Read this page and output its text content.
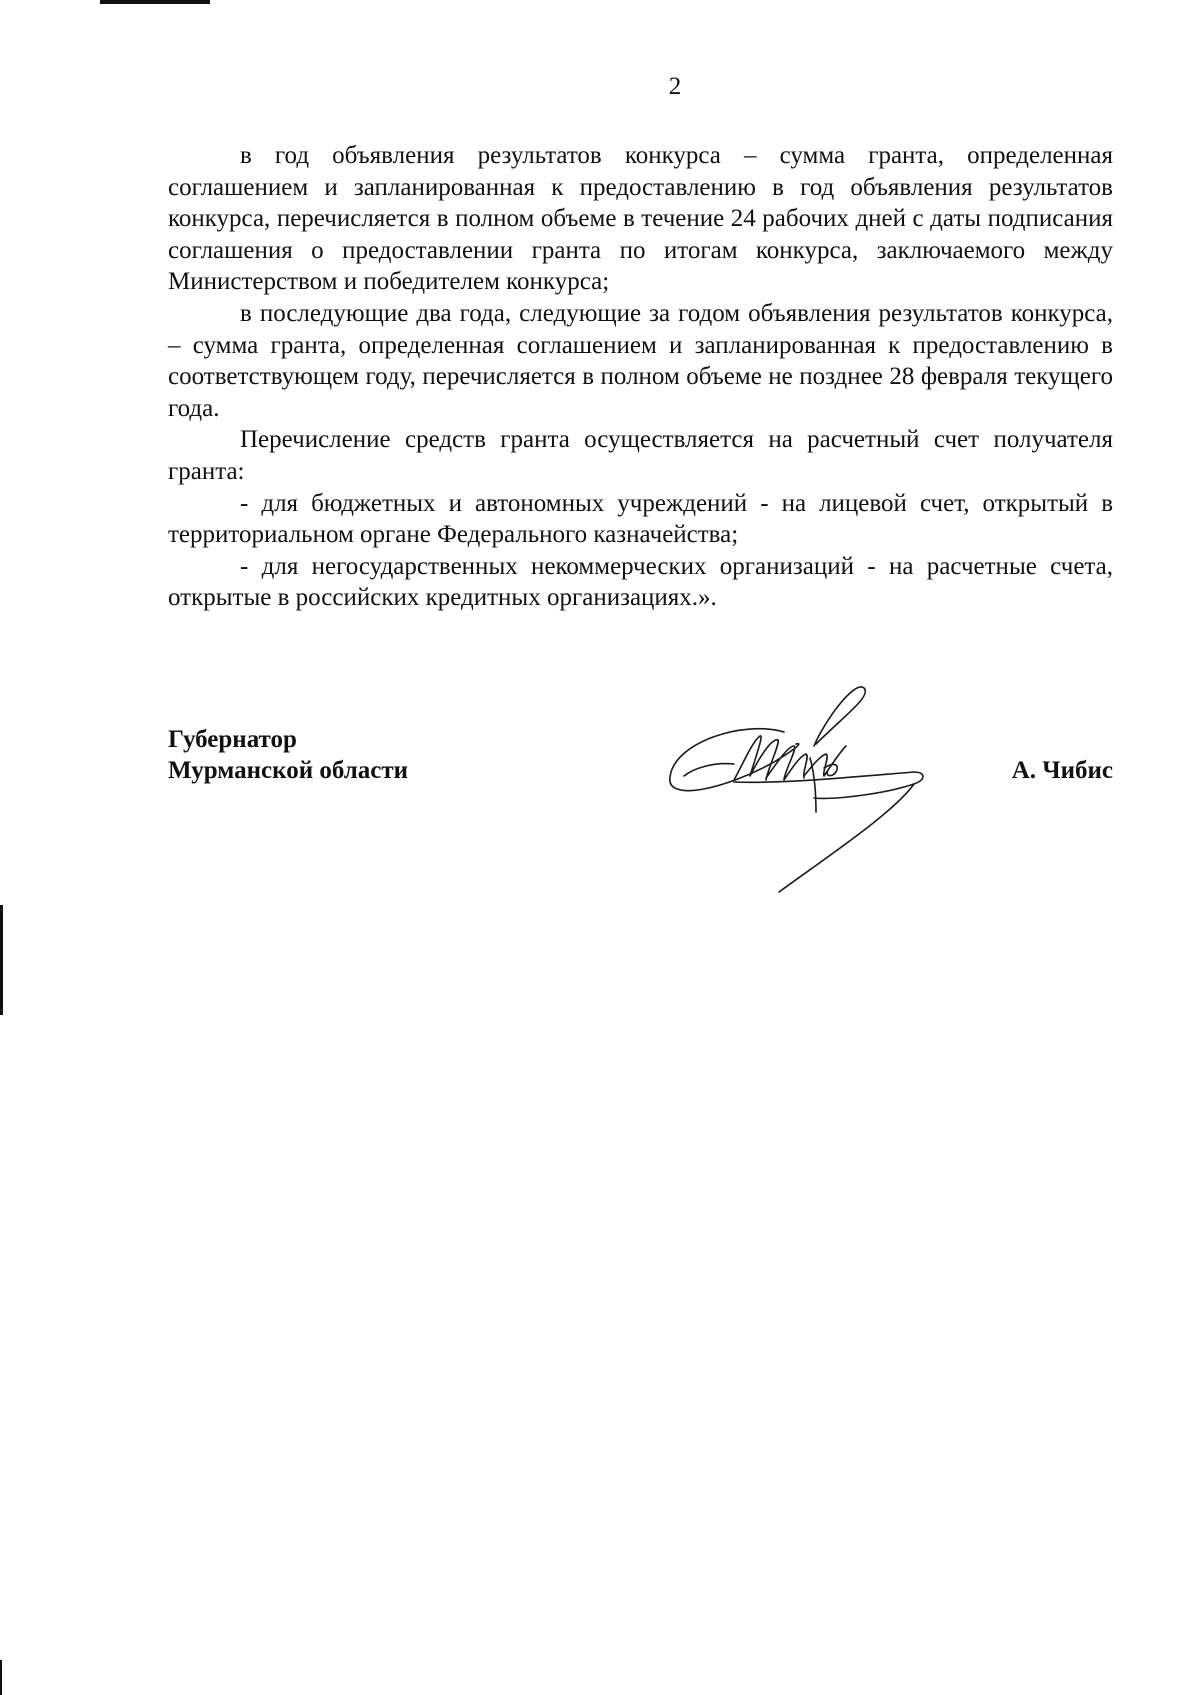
2

в год объявления результатов конкурса – сумма гранта, определенная соглашением и запланированная к предоставлению в год объявления результатов конкурса, перечисляется в полном объеме в течение 24 рабочих дней с даты подписания соглашения о предоставлении гранта по итогам конкурса, заключаемого между Министерством и победителем конкурса;

в последующие два года, следующие за годом объявления результатов конкурса, – сумма гранта, определенная соглашением и запланированная к предоставлению в соответствующем году, перечисляется в полном объеме не позднее 28 февраля текущего года.

Перечисление средств гранта осуществляется на расчетный счет получателя гранта:

- для бюджетных и автономных учреждений - на лицевой счет, открытый в территориальном органе Федерального казначейства;

- для негосударственных некоммерческих организаций - на расчетные счета, открытые в российских кредитных организациях.».

Губернатор
Мурманской области	А. Чибис
